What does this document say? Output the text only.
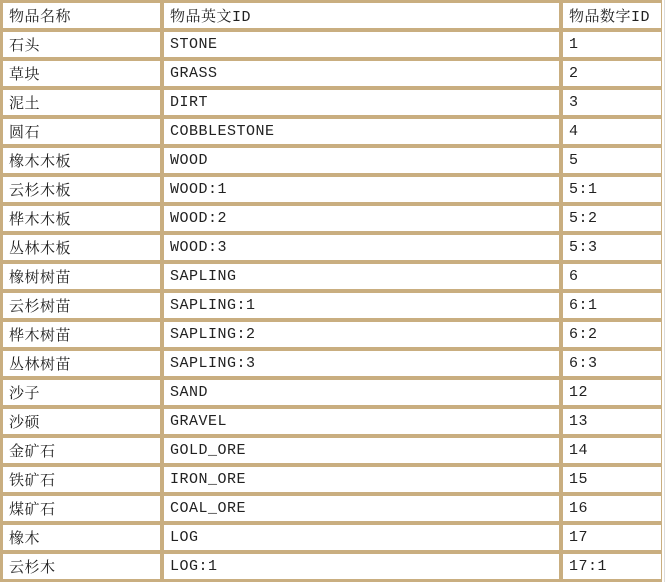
物品名称	物品英文ID	物品数字ID
石头	STONE	1
草块	GRASS	2
泥土	DIRT	3
圆石	COBBLESTONE	4
橡木木板	WOOD	5
云杉木板	WOOD:1	5:1
桦木木板	WOOD:2	5:2
丛林木板	WOOD:3	5:3
橡树树苗	SAPLING	6
云杉树苗	SAPLING:1	6:1
桦木树苗	SAPLING:2	6:2
丛林树苗	SAPLING:3	6:3
沙子	SAND	12
沙硕	GRAVEL	13
金矿石	GOLD_ORE	14
铁矿石	IRON_ORE	15
煤矿石	COAL_ORE	16
橡木	LOG	17
云杉木	LOG:1	17:1
